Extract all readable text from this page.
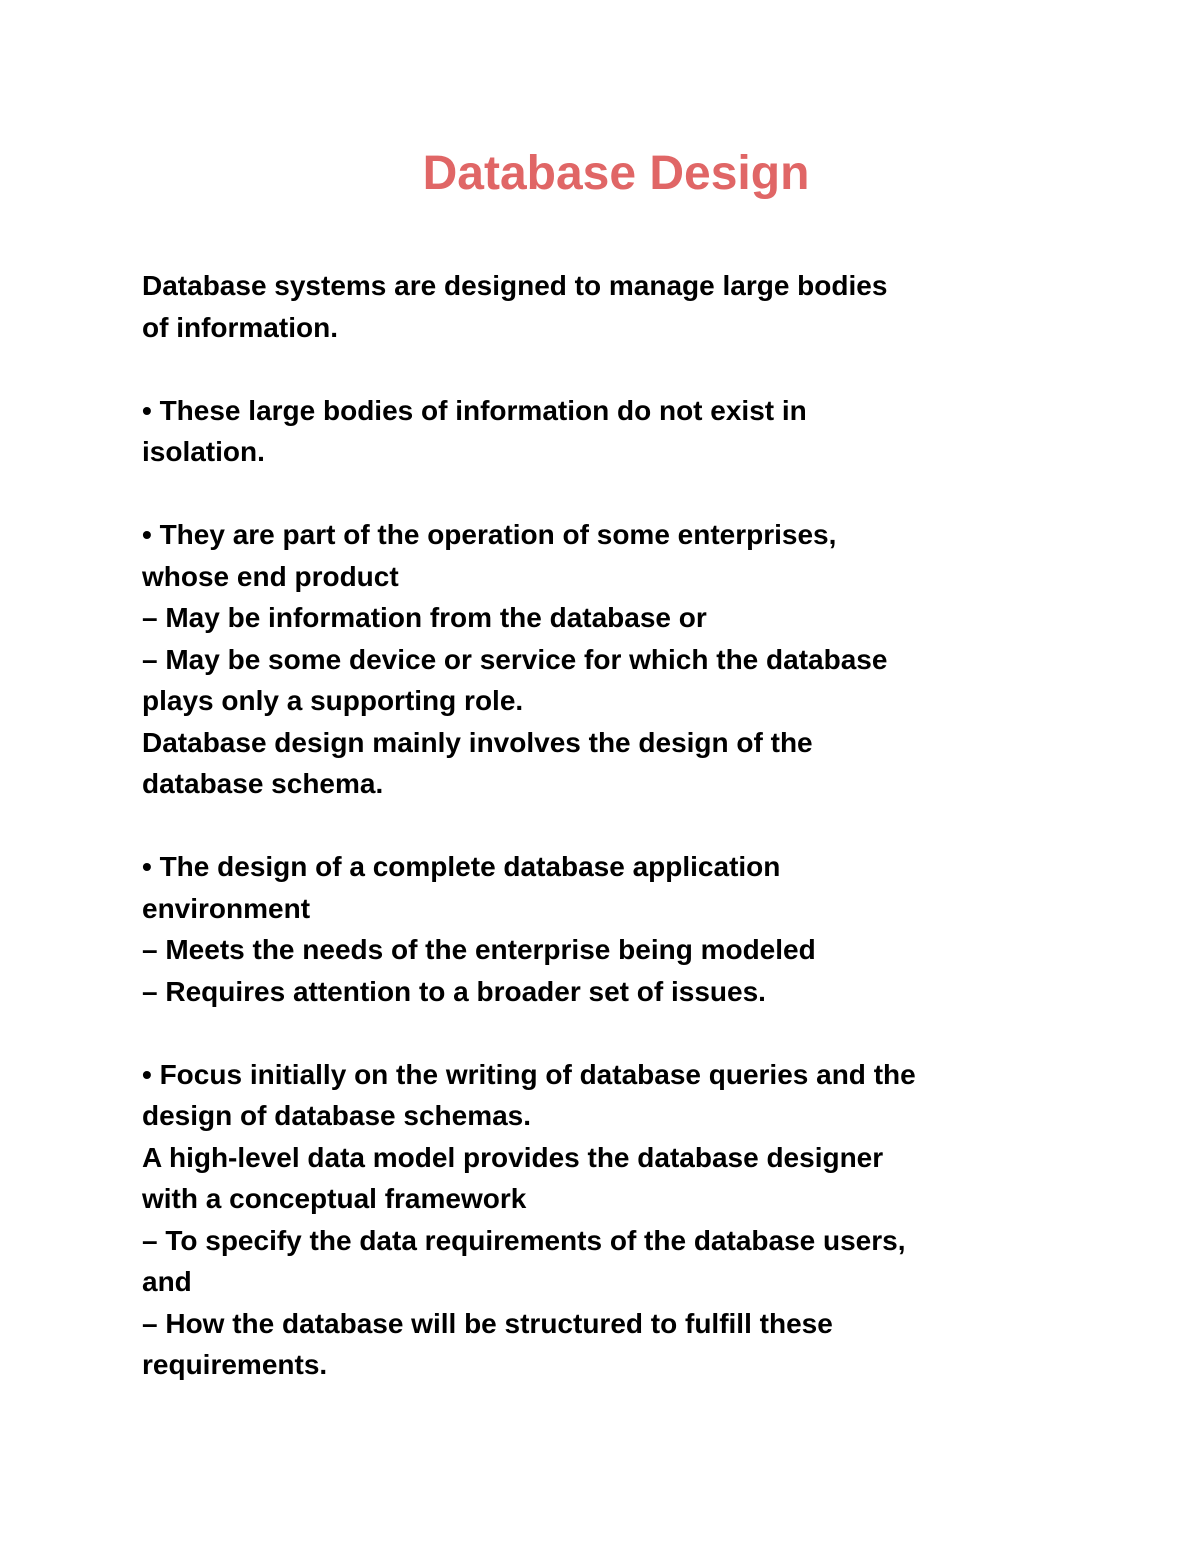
Database Design
Database systems are designed to manage large bodies
of information.
• These large bodies of information do not exist in
isolation.
• They are part of the operation of some enterprises,
whose end product
– May be information from the database or
– May be some device or service for which the database
plays only a supporting role.
Database design mainly involves the design of the
database schema.
• The design of a complete database application
environment
– Meets the needs of the enterprise being modeled
– Requires attention to a broader set of issues.
• Focus initially on the writing of database queries and the
design of database schemas.
A high-level data model provides the database designer
with a conceptual framework
– To specify the data requirements of the database users,
and
– How the database will be structured to fulfill these
requirements.
